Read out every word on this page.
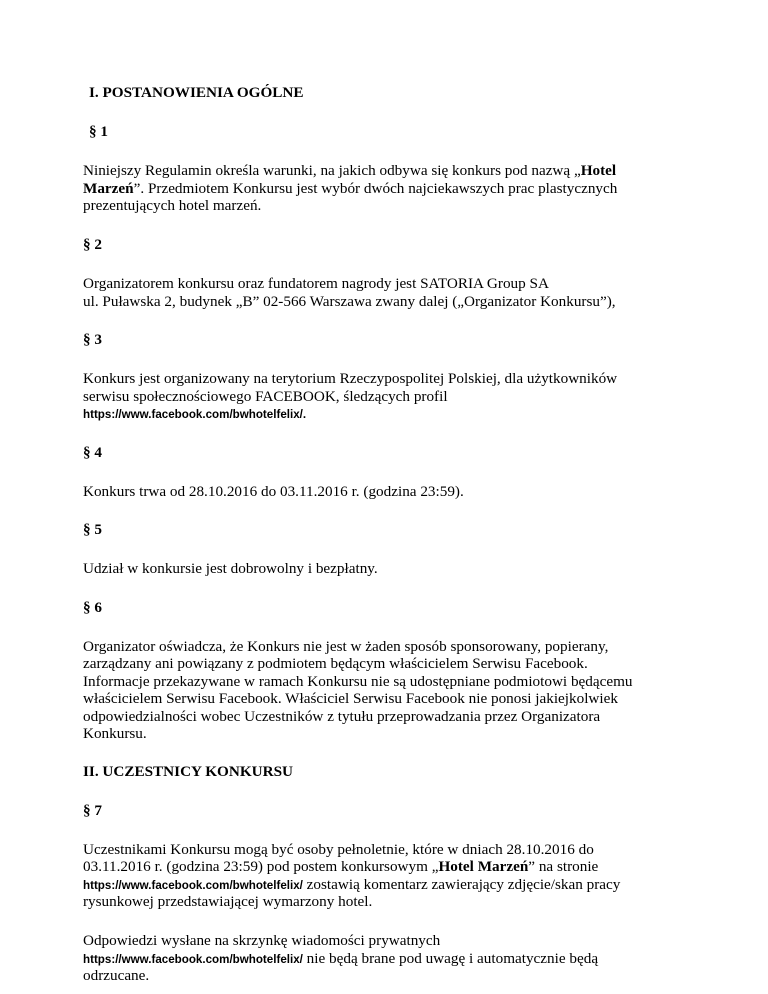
I. POSTANOWIENIA OGÓLNE
§ 1
Niniejszy Regulamin określa warunki, na jakich odbywa się konkurs pod nazwą „Hotel
Marzeń”. Przedmiotem Konkursu jest wybór dwóch najciekawszych prac plastycznych
prezentujących hotel marzeń.
§ 2
Organizatorem konkursu oraz fundatorem nagrody jest SATORIA Group SA
ul. Puławska 2, budynek „B” 02-566 Warszawa zwany dalej („Organizator Konkursu”),
§ 3
Konkurs jest organizowany na terytorium Rzeczypospolitej Polskiej, dla użytkowników
serwisu społecznościowego FACEBOOK, śledzących profil
https://www.facebook.com/bwhotelfelix/.
§ 4
Konkurs trwa od 28.10.2016 do 03.11.2016 r. (godzina 23:59).
§ 5
Udział w konkursie jest dobrowolny i bezpłatny.
§ 6
Organizator oświadcza, że Konkurs nie jest w żaden sposób sponsorowany, popierany,
zarządzany ani powiązany z podmiotem będącym właścicielem Serwisu Facebook.
Informacje przekazywane w ramach Konkursu nie są udostępniane podmiotowi będącemu
właścicielem Serwisu Facebook. Właściciel Serwisu Facebook nie ponosi jakiejkolwiek
odpowiedzialności wobec Uczestników z tytułu przeprowadzania przez Organizatora
Konkursu.
II. UCZESTNICY KONKURSU
§ 7
Uczestnikami Konkursu mogą być osoby pełnoletnie, które w dniach 28.10.2016 do
03.11.2016 r. (godzina 23:59) pod postem konkursowym „Hotel Marzeń” na stronie
https://www.facebook.com/bwhotelfelix/ zostawią komentarz zawierający zdjęcie/skan pracy
rysunkowej przedstawiającej wymarzony hotel.
Odpowiedzi wysłane na skrzynkę wiadomości prywatnych
https://www.facebook.com/bwhotelfelix/ nie będą brane pod uwagę i automatycznie będą
odrzucane.
